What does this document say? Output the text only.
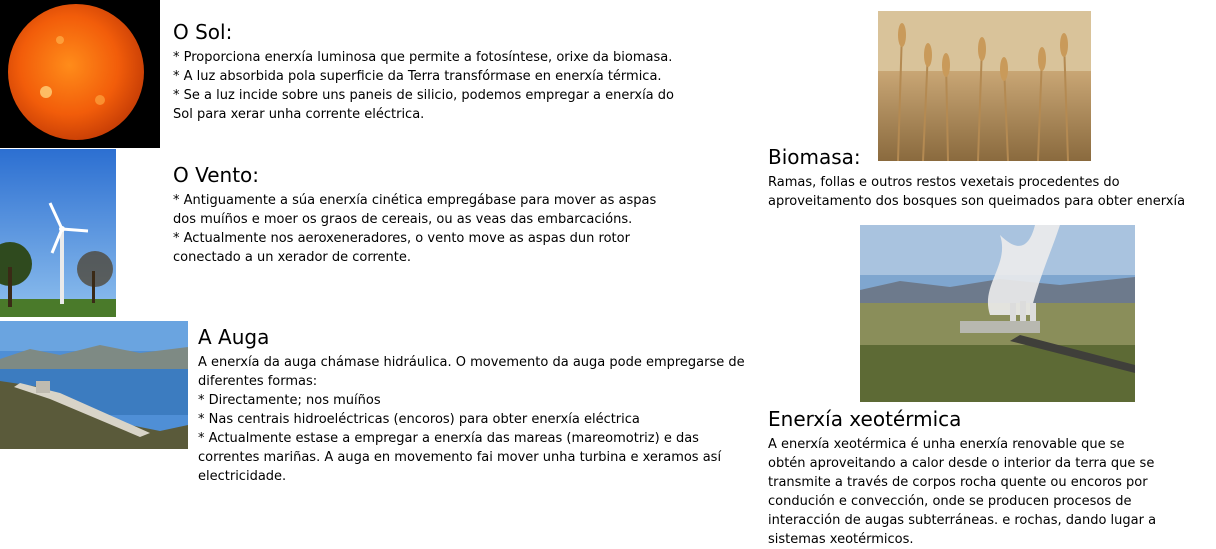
O Sol:

* Proporciona enerxía luminosa que permite a fotosíntese, orixe da biomasa.

* A luz absorbida pola superficie da Terra transfórmase en enerxía térmica.

* Se a luz incide sobre uns paneis de silicio, podemos empregar a enerxía do

Sol para xerar unha corrente eléctrica.

O Vento:

* Antiguamente a súa enerxía cinética empregábase para mover as aspas

dos muíños e moer os graos de cereais, ou as veas das embarcacións.

* Actualmente nos aeroxeneradores, o vento move as aspas dun rotor

conectado a un xerador de corrente.

A Auga

A enerxía da auga chámase hidráulica. O movemento da auga pode empregarse de

diferentes formas:

* Directamente; nos muíños

* Nas centrais hidroeléctricas (encoros) para obter enerxía eléctrica

* Actualmente estase a empregar a enerxía das mareas (mareomotriz) e das

correntes mariñas. A auga en movemento fai mover unha turbina e xeramos así

electricidade.

Biomasa:

Ramas, follas e outros restos vexetais procedentes do

aproveitamento dos bosques son queimados para obter enerxía

Enerxía xeotérmica

A enerxía xeotérmica é unha enerxía renovable que se

obtén aproveitando a calor desde o interior da terra que se

transmite a través de corpos rocha quente ou encoros por

condución e convección, onde se producen procesos de

interacción de augas subterráneas. e rochas, dando lugar a

sistemas xeotérmicos.
